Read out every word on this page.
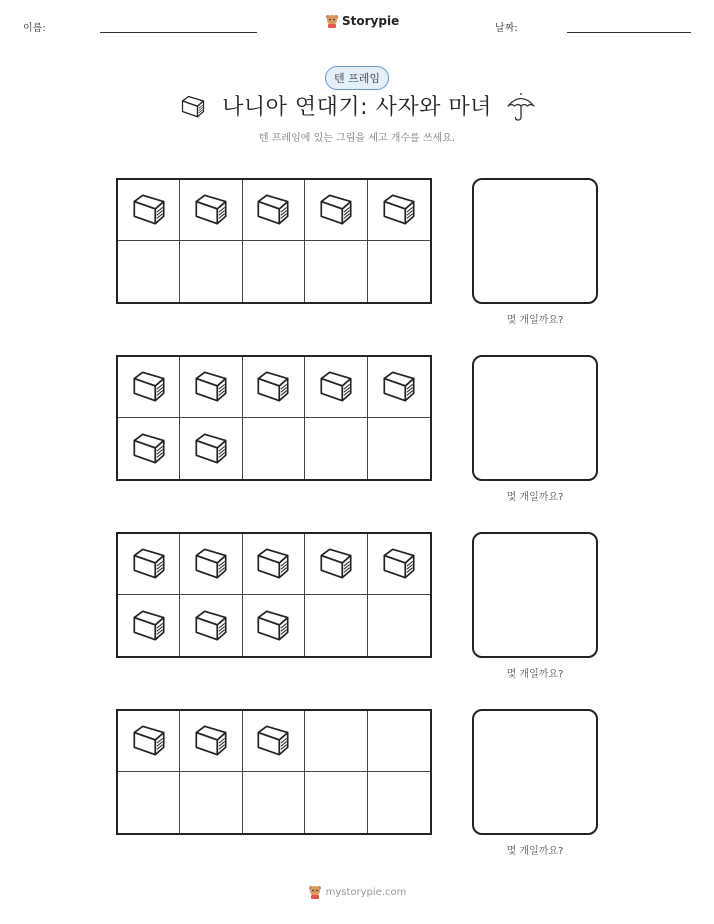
이름:
Storypie
날짜:
텐 프레임
나니아 연대기: 사자와 마녀
텐 프레임에 있는 그림을 세고 개수를 쓰세요.
몇 개일까요?
몇 개일까요?
몇 개일까요?
몇 개일까요?
mystorypie.com
